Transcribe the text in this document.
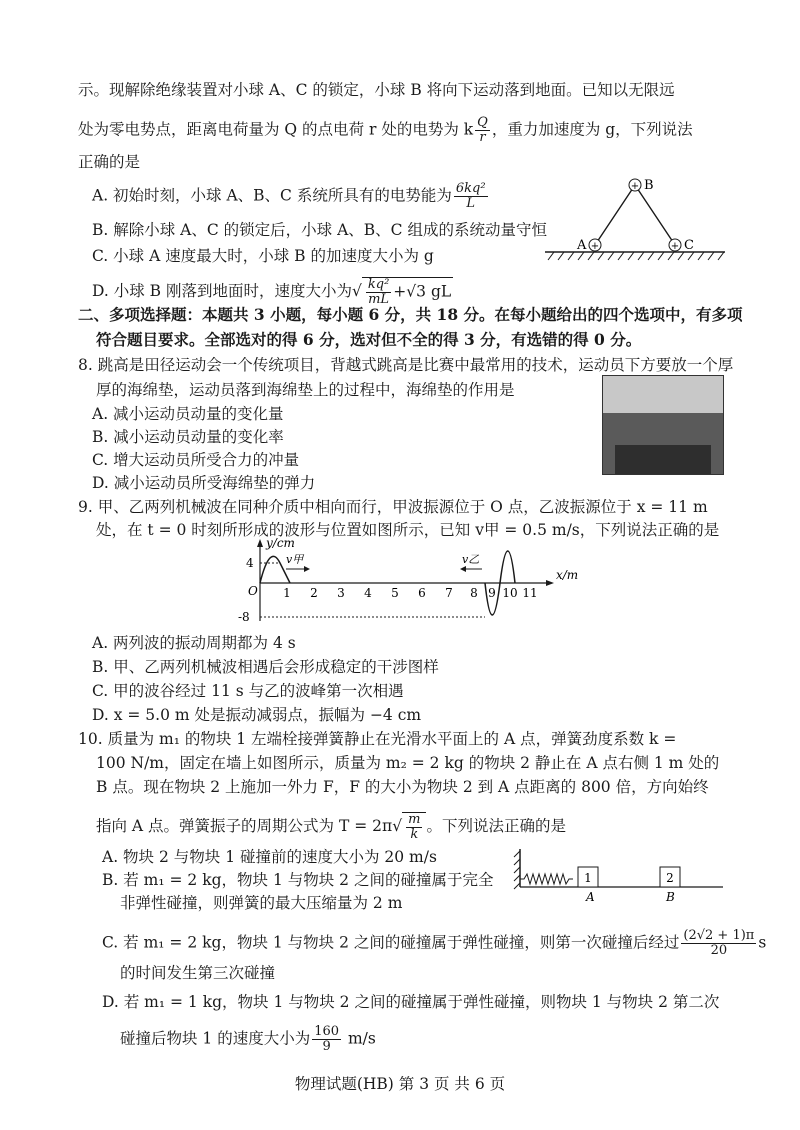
示。现解除绝缘装置对小球 A、C 的锁定，小球 B 将向下运动落到地面。已知以无限远
处为零电势点，距离电荷量为 Q 的点电荷 r 处的电势为 k $\frac{Q}{r}$ ，重力加速度为 g，下列说法
正确的是
A. 初始时刻，小球 A、B、C 系统所具有的电势能为 $\frac{\text{6kq²}}{L}$
B. 解除小球 A、C 的锁定后，小球 A、B、C 组成的系统动量守恒
C. 小球 A 速度最大时，小球 B 的加速度大小为 g
D. 小球 B 刚落到地面时，速度大小为√ $\frac{\text{kq²}}{mL} +√3$ gL
+
+	+
B
A	C
二、多项选择题：本题共 3 小题，每小题 6 分，共 18 分。在每小题给出的四个选项中，有多项
符合题目要求。全部选对的得 6 分，选对但不全的得 3 分，有选错的得 0 分。
8. 跳高是田径运动会一个传统项目，背越式跳高是比赛中最常用的技术，运动员下方要放一个厚
厚的海绵垫，运动员落到海绵垫上的过程中，海绵垫的作用是
A. 减小运动员动量的变化量
B. 减小运动员动量的变化率
C. 增大运动员所受合力的冲量
D. 减小运动员所受海绵垫的弹力
9. 甲、乙两列机械波在同种介质中相向而行，甲波振源位于 O 点，乙波振源位于 x = 11 m
处，在 t = 0 时刻所形成的波形与位置如图所示，已知 v甲 = 0.5 m/s，下列说法正确的是
y/cm
x/m
O
4
-8
v甲	v乙
1 2 3 4 5 6 7 8 9 10 11
A. 两列波的振动周期都为 4 s
B. 甲、乙两列机械波相遇后会形成稳定的干涉图样
C. 甲的波谷经过 11 s 与乙的波峰第一次相遇
D. x = 5.0 m 处是振动减弱点，振幅为 −4 cm
10. 质量为 m₁ 的物块 1 左端栓接弹簧静止在光滑水平面上的 A 点，弹簧劲度系数 k =
100 N/m，固定在墙上如图所示，质量为 m₂ = 2 kg 的物块 2 静止在 A 点右侧 1 m 处的
B 点。现在物块 2 上施加一外力 F，F 的大小为物块 2 到 A 点距离的 800 倍，方向始终
指向 A 点。弹簧振子的周期公式为 $T = 2\pi√ \frac{m}{k}$ 。下列说法正确的是
A. 物块 2 与物块 1 碰撞前的速度大小为 20 m/s
B. 若 m₁ = 2 kg，物块 1 与物块 2 之间的碰撞属于完全
非弹性碰撞，则弹簧的最大压缩量为 2 m
1	2
A	B
C. 若 m₁ = 2 kg，物块 1 与物块 2 之间的碰撞属于弹性碰撞，则第一次碰撞后经过 $\frac{(2√2 + 1)\pi}{20}$ s
的时间发生第三次碰撞
D. 若 m₁ = 1 kg，物块 1 与物块 2 之间的碰撞属于弹性碰撞，则物块 1 与物块 2 第二次
碰撞后物块 1 的速度大小为 $\frac{160}{9} m/s$
物理试题(HB) 第 3 页 共 6 页
